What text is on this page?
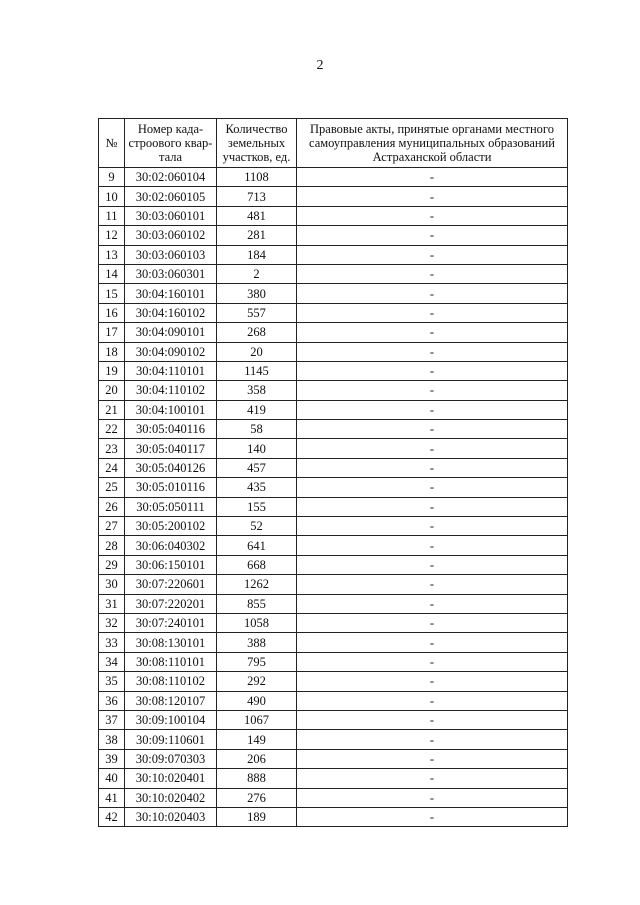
2
№	Номер када-строового квар-тала	Количество земельных участков, ед.	Правовые акты, принятые органами местного самоуправления муниципальных образований Астраханской области
9	30:02:060104	1108	-
10	30:02:060105	713	-
11	30:03:060101	481	-
12	30:03:060102	281	-
13	30:03:060103	184	-
14	30:03:060301	2	-
15	30:04:160101	380	-
16	30:04:160102	557	-
17	30:04:090101	268	-
18	30:04:090102	20	-
19	30:04:110101	1145	-
20	30:04:110102	358	-
21	30:04:100101	419	-
22	30:05:040116	58	-
23	30:05:040117	140	-
24	30:05:040126	457	-
25	30:05:010116	435	-
26	30:05:050111	155	-
27	30:05:200102	52	-
28	30:06:040302	641	-
29	30:06:150101	668	-
30	30:07:220601	1262	-
31	30:07:220201	855	-
32	30:07:240101	1058	-
33	30:08:130101	388	-
34	30:08:110101	795	-
35	30:08:110102	292	-
36	30:08:120107	490	-
37	30:09:100104	1067	-
38	30:09:110601	149	-
39	30:09:070303	206	-
40	30:10:020401	888	-
41	30:10:020402	276	-
42	30:10:020403	189	-
